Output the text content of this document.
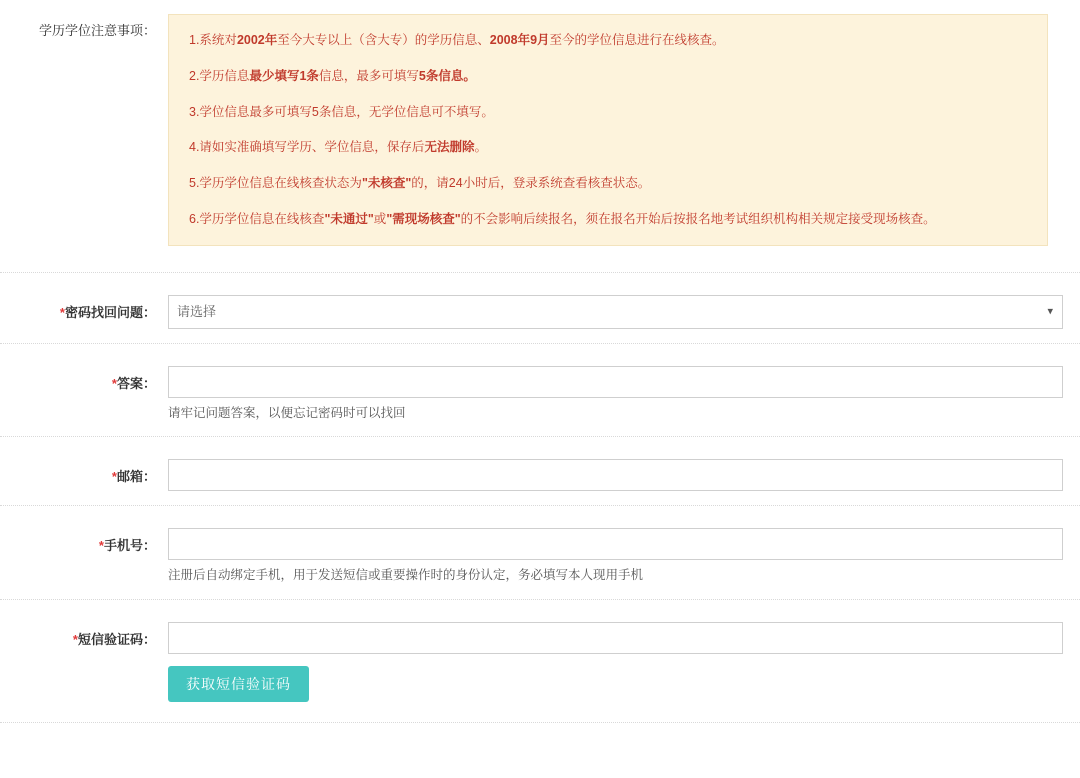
学历学位注意事项：
1.系统对2002年至今大专以上（含大专）的学历信息、2008年9月至今的学位信息进行在线核查。
2.学历信息最少填写1条信息，最多可填写5条信息。
3.学位信息最多可填写5条信息，无学位信息可不填写。
4.请如实准确填写学历、学位信息，保存后无法删除。
5.学历学位信息在线核查状态为"未核查"的，请24小时后，登录系统查看核查状态。
6.学历学位信息在线核查"未通过"或"需现场核查"的不会影响后续报名，须在报名开始后按报名地考试组织机构相关规定接受现场核查。
*密码找回问题：
请选择	▾
*答案：
请牢记问题答案，以便忘记密码时可以找回
*邮箱：
*手机号：
注册后自动绑定手机，用于发送短信或重要操作时的身份认定，务必填写本人现用手机
*短信验证码：
获取短信验证码
